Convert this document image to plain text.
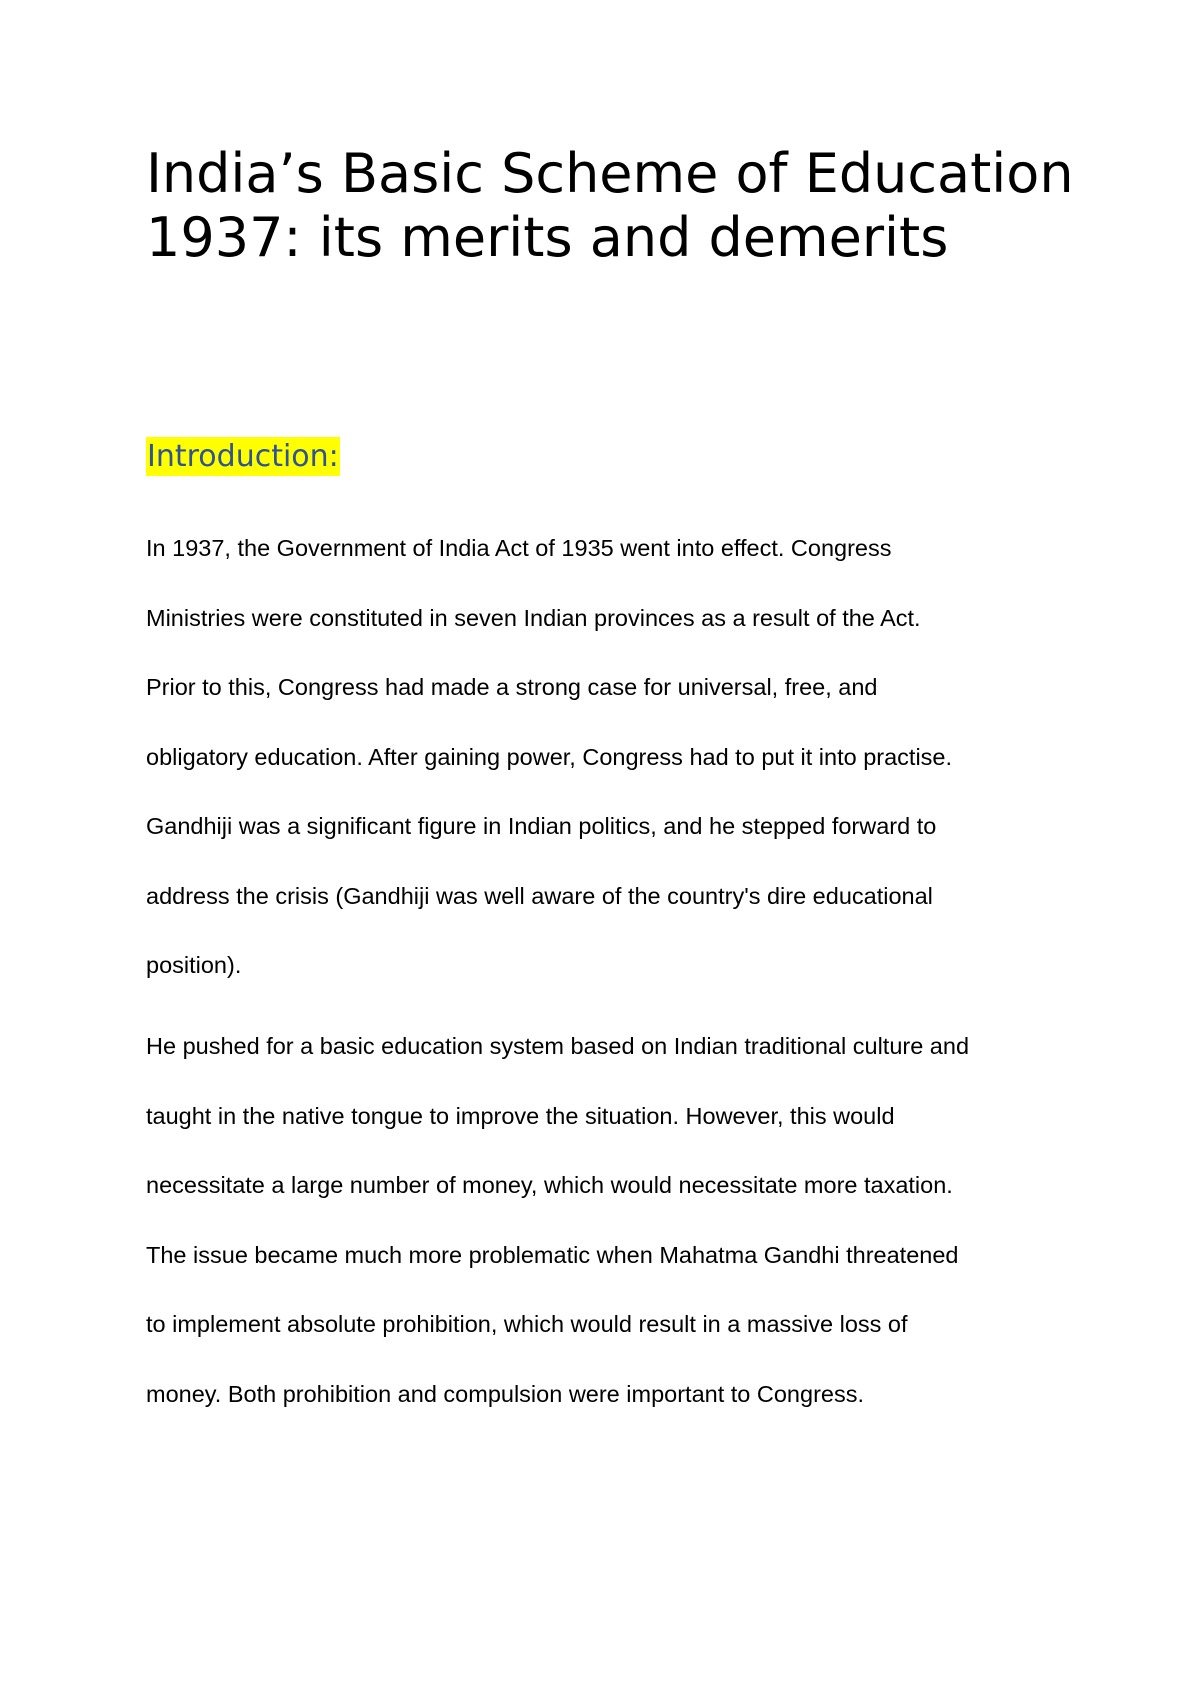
India’s Basic Scheme of Education 1937: its merits and demerits
Introduction:

In 1937, the Government of India Act of 1935 went into effect. Congress
Ministries were constituted in seven Indian provinces as a result of the Act.
Prior to this, Congress had made a strong case for universal, free, and
obligatory education. After gaining power, Congress had to put it into practise.
Gandhiji was a significant figure in Indian politics, and he stepped forward to
address the crisis (Gandhiji was well aware of the country's dire educational
position).

He pushed for a basic education system based on Indian traditional culture and
taught in the native tongue to improve the situation. However, this would
necessitate a large number of money, which would necessitate more taxation.
The issue became much more problematic when Mahatma Gandhi threatened
to implement absolute prohibition, which would result in a massive loss of
money. Both prohibition and compulsion were important to Congress.
